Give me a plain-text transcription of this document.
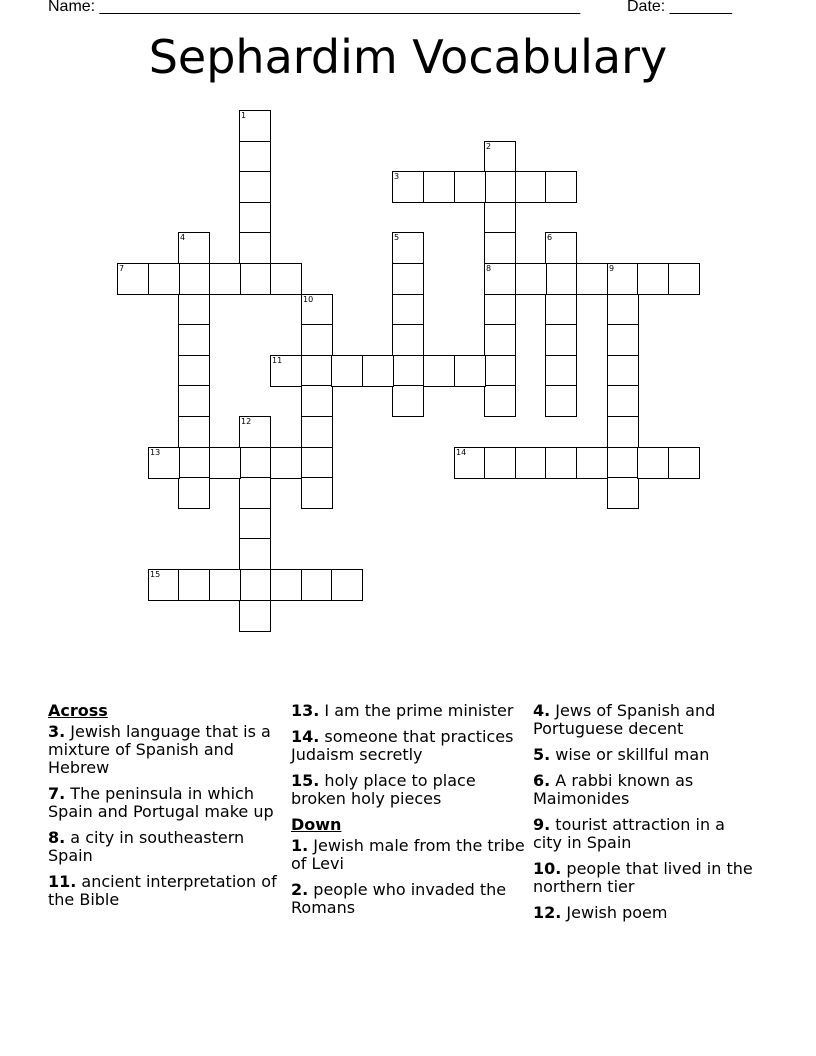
Name: ______________________________________________________	Date: _______
Sephardim Vocabulary
1
2
8
3
4	5	6
7	9
10
11
12
13	14
15
Across
3. Jewish language that is a mixture of Spanish and Hebrew
7. The peninsula in which Spain and Portugal make up
8. a city in southeastern Spain
11. ancient interpretation of the Bible
13. I am the prime minister
14. someone that practices Judaism secretly
15. holy place to place broken holy pieces
Down
1. Jewish male from the tribe of Levi
2. people who invaded the Romans
4. Jews of Spanish and Portuguese decent
5. wise or skillful man
6. A rabbi known as Maimonides
9. tourist attraction in a city in Spain
10. people that lived in the northern tier
12. Jewish poem
